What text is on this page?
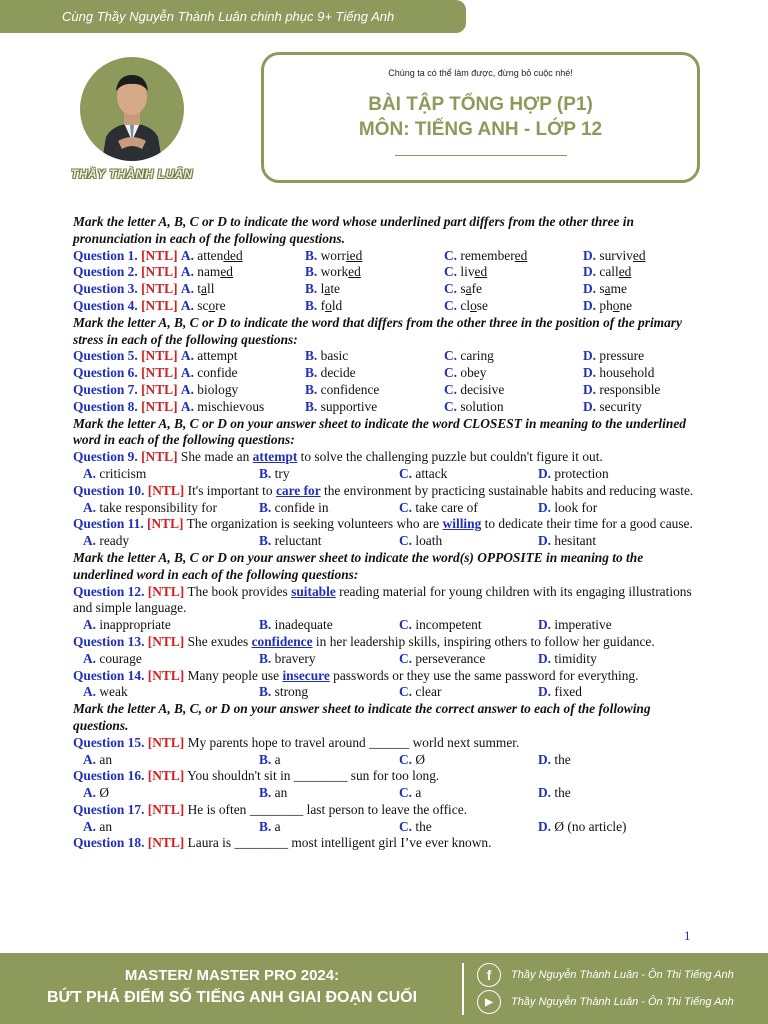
Cùng Thầy Nguyễn Thành Luân chinh phục 9+ Tiếng Anh
THẦY THÀNH LUÂN
Chúng ta có thể làm được, đừng bỏ cuộc nhé!
BÀI TẬP TỔNG HỢP (P1)
MÔN: TIẾNG ANH - LỚP 12
Mark the letter A, B, C or D to indicate the word whose underlined part differs from the other three in pronunciation in each of the following questions.
Question 1. [NTL] A. attended	B. worried	C. remembered	D. survived
Question 2. [NTL] A. named	B. worked	C. lived	D. called
Question 3. [NTL] A. tall	B. late	C. safe	D. same
Question 4. [NTL] A. score	B. fold	C. close	D. phone
Mark the letter A, B, C or D to indicate the word that differs from the other three in the position of the primary stress in each of the following questions:
Question 5. [NTL] A. attempt	B. basic	C. caring	D. pressure
Question 6. [NTL] A. confide	B. decide	C. obey	D. household
Question 7. [NTL] A. biology	B. confidence	C. decisive	D. responsible
Question 8. [NTL] A. mischievous	B. supportive	C. solution	D. security
Mark the letter A, B, C or D on your answer sheet to indicate the word CLOSEST in meaning to the underlined word in each of the following questions:
Question 9. [NTL] She made an attempt to solve the challenging puzzle but couldn't figure it out.
A. criticism	B. try	C. attack	D. protection
Question 10. [NTL] It's important to care for the environment by practicing sustainable habits and reducing waste.
A. take responsibility for	B. confide in	C. take care of	D. look for
Question 11. [NTL] The organization is seeking volunteers who are willing to dedicate their time for a good cause.
A. ready	B. reluctant	C. loath	D. hesitant
Mark the letter A, B, C or D on your answer sheet to indicate the word(s) OPPOSITE in meaning to the underlined word in each of the following questions:
Question 12. [NTL] The book provides suitable reading material for young children with its engaging illustrations and simple language.
A. inappropriate	B. inadequate	C. incompetent	D. imperative
Question 13. [NTL] She exudes confidence in her leadership skills, inspiring others to follow her guidance.
A. courage	B. bravery	C. perseverance	D. timidity
Question 14. [NTL] Many people use insecure passwords or they use the same password for everything.
A. weak	B. strong	C. clear	D. fixed
Mark the letter A, B, C, or D on your answer sheet to indicate the correct answer to each of the following questions.
Question 15. [NTL] My parents hope to travel around ______ world next summer.
A. an	B. a	C. Ø	D. the
Question 16. [NTL] You shouldn't sit in ________ sun for too long.
A. Ø	B. an	C. a	D. the
Question 17. [NTL] He is often ________ last person to leave the office.
A. an	B. a	C. the	D. Ø (no article)
Question 18. [NTL] Laura is ________ most intelligent girl I’ve ever known.
1
MASTER/ MASTER PRO 2024:
BỨT PHÁ ĐIỂM SỐ TIẾNG ANH GIAI ĐOẠN CUỐI
f	Thầy Nguyễn Thành Luân - Ôn Thi Tiếng Anh
▶	Thầy Nguyễn Thành Luân - Ôn Thi Tiếng Anh
